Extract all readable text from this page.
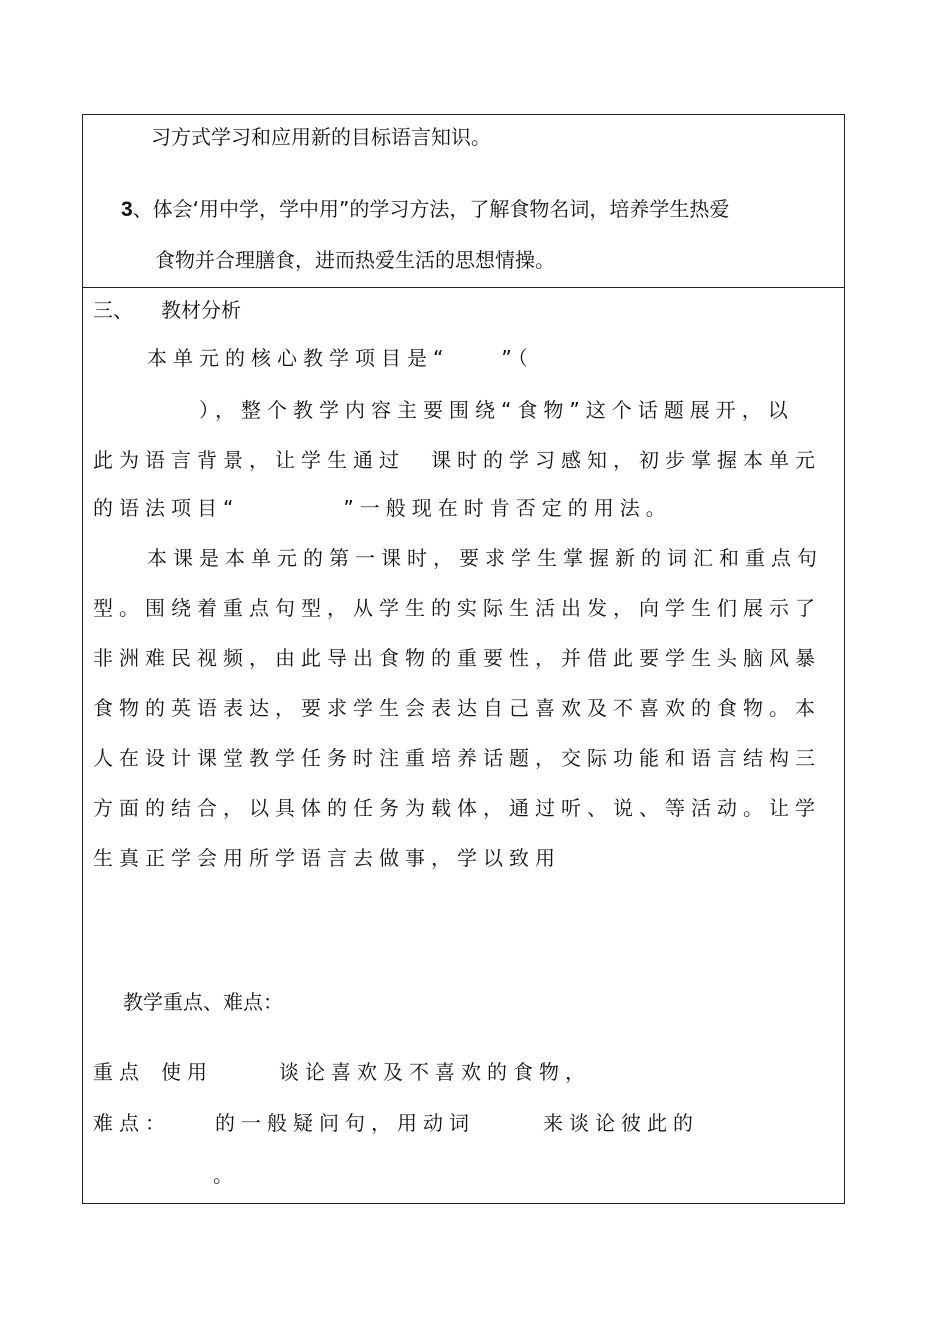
习方式学习和应用新的目标语言知识。
3、体会‘用中学，学中用”的学习方法，了解食物名词，培养学生热爱
食物并合理膳食，进而热爱生活的思想情操。
三、 教材分析
本单元的核心教学项目是“　　”（
），整个教学内容主要围绕“食物”这个话题展开，以
此为语言背景，让学生通过　课时的学习感知，初步掌握本单元
的语法项目“　　　　”一般现在时肯否定的用法。
本课是本单元的第一课时，要求学生掌握新的词汇和重点句
型。围绕着重点句型，从学生的实际生活出发，向学生们展示了
非洲难民视频，由此导出食物的重要性，并借此要学生头脑风暴
食物的英语表达，要求学生会表达自己喜欢及不喜欢的食物。本
人在设计课堂教学任务时注重培养话题，交际功能和语言结构三
方面的结合，以具体的任务为载体，通过听、说、等活动。让学
生真正学会用所学语言去做事，学以致用
教学重点、难点：
重点 使用	谈论喜欢及不喜欢的食物，
难点： 的一般疑问句，用动词	来谈论彼此的
。
